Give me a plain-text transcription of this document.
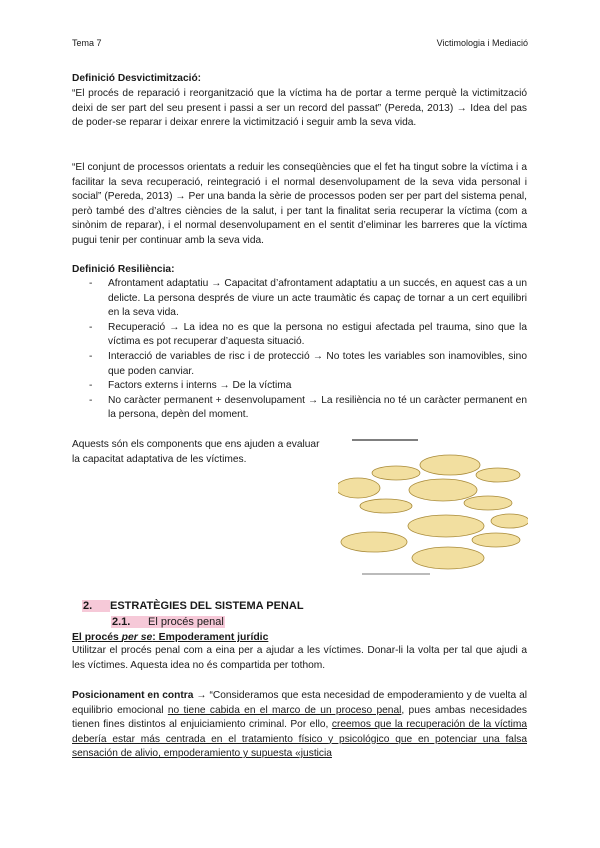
Tema 7	Victimologia i Mediació

Definició Desvictimització:

“El procés de reparació i reorganització que la víctima ha de portar a terme perquè la victimització deixi de ser part del seu present i passi a ser un record del passat” (Pereda, 2013) → Idea del pas de poder-se reparar i deixar enrere la victimització i seguir amb la seva vida.

“El conjunt de processos orientats a reduir les conseqüències que el fet ha tingut sobre la víctima i a facilitar la seva recuperació, reintegració i el normal desenvolupament de la seva vida personal i social” (Pereda, 2013) → Per una banda la sèrie de processos poden ser per part del sistema penal, però també des d’altres ciències de la salut, i per tant la finalitat seria recuperar la víctima (com a sinònim de reparar), i el normal desenvolupament en el sentit d’eliminar les barreres que la víctima pugui tenir per continuar amb la seva vida.

Definició Resiliència:

- Afrontament adaptatiu → Capacitat d’afrontament adaptatiu a un succés, en aquest cas a un delicte. La persona després de viure un acte traumàtic és capaç de tornar a un cert equilibri en la seva vida.
- Recuperació → La idea no es que la persona no estigui afectada pel trauma, sino que la víctima es pot recuperar d’aquesta situació.
- Interacció de variables de risc i de protecció → No totes les variables son inamovibles, sino que poden canviar.
- Factors externs i interns → De la víctima
- No caràcter permanent + desenvolupament → La resiliència no té un caràcter permanent en la persona, depèn del moment.

Aquests són els components que ens ajuden a evaluar la capacitat adaptativa de les víctimes.

2. ESTRATÈGIES DEL SISTEMA PENAL
2.1. El procés penal
El procés per se: Empoderament jurídic

Utilitzar el procés penal com a eina per a ajudar a les víctimes. Donar-li la volta per tal que ajudi a les víctimes. Aquesta idea no és compartida per tothom.

Posicionament en contra → “Consideramos que esta necesidad de empoderamiento y de vuelta al equilibrio emocional no tiene cabida en el marco de un proceso penal, pues ambas necesidades tienen fines distintos al enjuiciamiento criminal. Por ello, creemos que la recuperación de la víctima debería estar más centrada en el tratamiento físico y psicológico que en potenciar una falsa sensación de alivio, empoderamiento y supuesta «justicia
